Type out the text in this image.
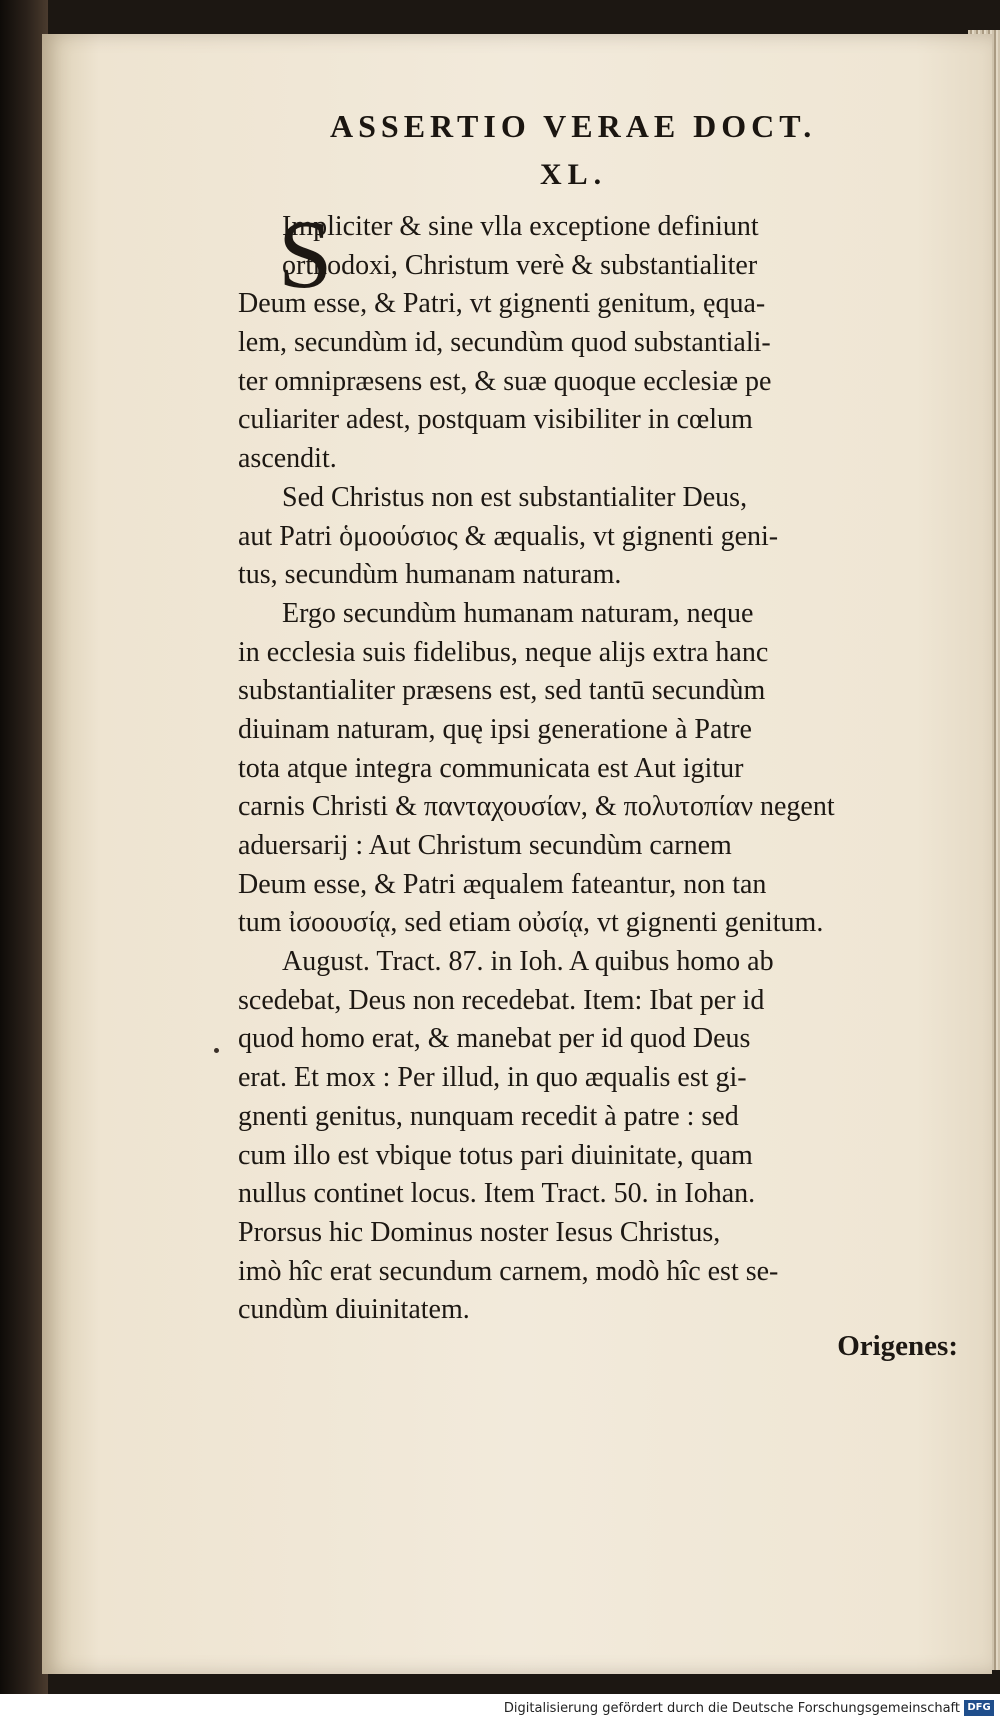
ASSERTIO VERAE DOCT.
XL.
S
Impliciter & sine vlla exceptione definiunt
orthodoxi, Christum verè & substantialiter
Deum esse, & Patri, vt gignenti genitum, ęqua-
lem, secundùm id, secundùm quod substantiali-
ter omnipræsens est, & suæ quoque ecclesiæ pe
culiariter adest, postquam visibiliter in cœlum
ascendit.
Sed Christus non est substantialiter Deus,
aut Patri ὁμοούσιος & æqualis, vt gignenti geni-
tus, secundùm humanam naturam.
Ergo secundùm humanam naturam, neque
in ecclesia suis fidelibus, neque alijs extra hanc
substantialiter præsens est, sed tantū secundùm
diuinam naturam, quę ipsi generatione à Patre
tota atque integra communicata est Aut igitur
carnis Christi & πανταχουσίαν, & πολυτοπίαν negent
aduersarij : Aut Christum secundùm carnem
Deum esse, & Patri æqualem fateantur, non tan
tum ἰσοουσίᾳ, sed etiam οὐσίᾳ, vt gignenti genitum.
August. Tract. 87. in Ioh. A quibus homo ab
scedebat, Deus non recedebat. Item: Ibat per id
quod homo erat, & manebat per id quod Deus
erat. Et mox : Per illud, in quo æqualis est gi-
gnenti genitus, nunquam recedit à patre : sed
cum illo est vbique totus pari diuinitate, quam
nullus continet locus. Item Tract. 50. in Iohan.
Prorsus hic Dominus noster Iesus Christus,
imò hîc erat secundum carnem, modò hîc est se-
cundùm diuinitatem.
Origenes:
Digitalisierung gefördert durch die Deutsche Forschungsgemeinschaft DFG
